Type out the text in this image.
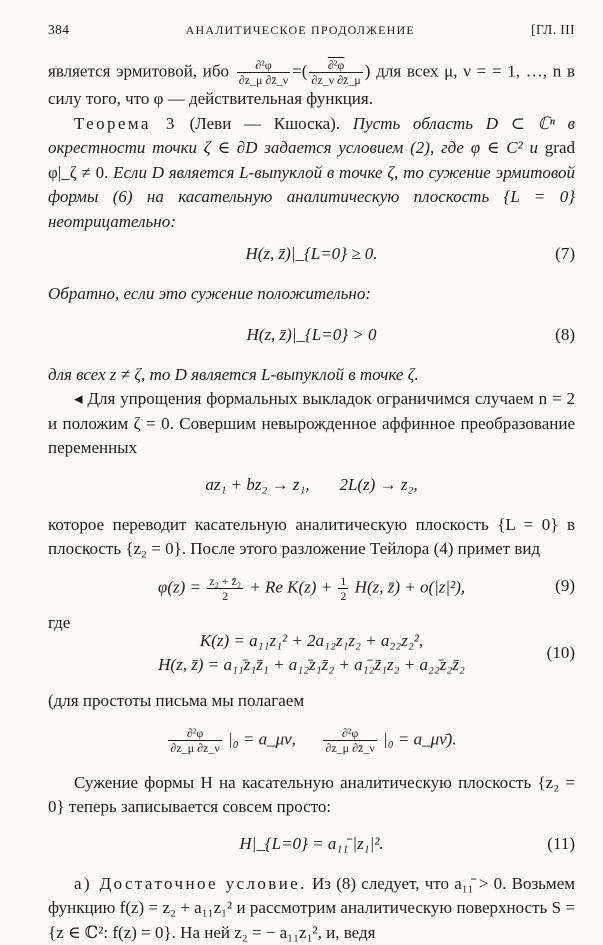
384	АНАЛИТИЧЕСКОЕ ПРОДОЛЖЕНИЕ	[ГЛ. III

является эрмитовой, ибо $\frac{\text{∂²φ}}{\partial z\_\mu \partial z̄\_\nu}$ =( $\frac{\text{∂²φ}}{\partial z\_\nu \partial z̄\_\mu}$ ) для всех μ, ν = = 1, …, n в силу того, что φ — действительная функция.

Теорема 3 (Леви — Кшоска). Пусть область D ⊂ ℂⁿ в окрестности точки ζ ∈ ∂D задается условием (2), где φ ∈ C² и grad φ|_ζ ≠ 0. Если D является L-выпуклой в точке ζ, то сужение эрмитовой формы (6) на касательную аналитическую плоскость {L = 0} неотрицательно:

H(z, z̄)|_{L=0} ≥ 0.	(7)

Обратно, если это сужение положительно:

H(z, z̄)|_{L=0} > 0	(8)

для всех z ≠ ζ, то D является L-выпуклой в точке ζ.

◂ Для упрощения формальных выкладок ограничимся случаем n = 2 и положим ζ = 0. Совершим невырожденное аффинное преобразование переменных

az₁ + bz₂ → z₁, 2L(z) → z₂,

которое переводит касательную аналитическую плоскость {L = 0} в плоскость {z₂ = 0}. После этого разложение Тейлора (4) примет вид

$\varphi(z) = \frac{\text{z₂ + z̄₂}}{2} + Re$ $K(z) + \frac{1}{2} H(z$, z̄) + o(|z|²),	(9)

где

K(z) = a₁₁z₁² + 2a₁₂z₁z₂ + a₂₂z₂²,
H(z, z̄) = a₁₁̄z₁z̄₁ + a₁₂̄z₁z̄₂ + a₁̄₂z̄₁z₂ + a₂₂̄z₂z̄₂
(10)

(для простоты письма мы полагаем

$\frac{\text{∂²φ}}{\partial z\_\mu \partial z\_\nu} |_0$ = a_μν, $\frac{\text{∂²φ}}{\partial z\_\mu \partial z̄\_\nu} |_0$ = a_μν̄).

Сужение формы H на касательную аналитическую плоскость {z₂ = 0} теперь записывается совсем просто:

H|_{L=0} = a₁₁̄ |z₁|².	(11)

а) Достаточное условие. Из (8) следует, что a₁₁̄ > 0. Возьмем функцию f(z) = z₂ + a₁₁z₁² и рассмотрим аналитическую поверхность S = {z ∈ ℂ²: f(z) = 0}. На ней z₂ = − a₁₁z₁², и, ведя
